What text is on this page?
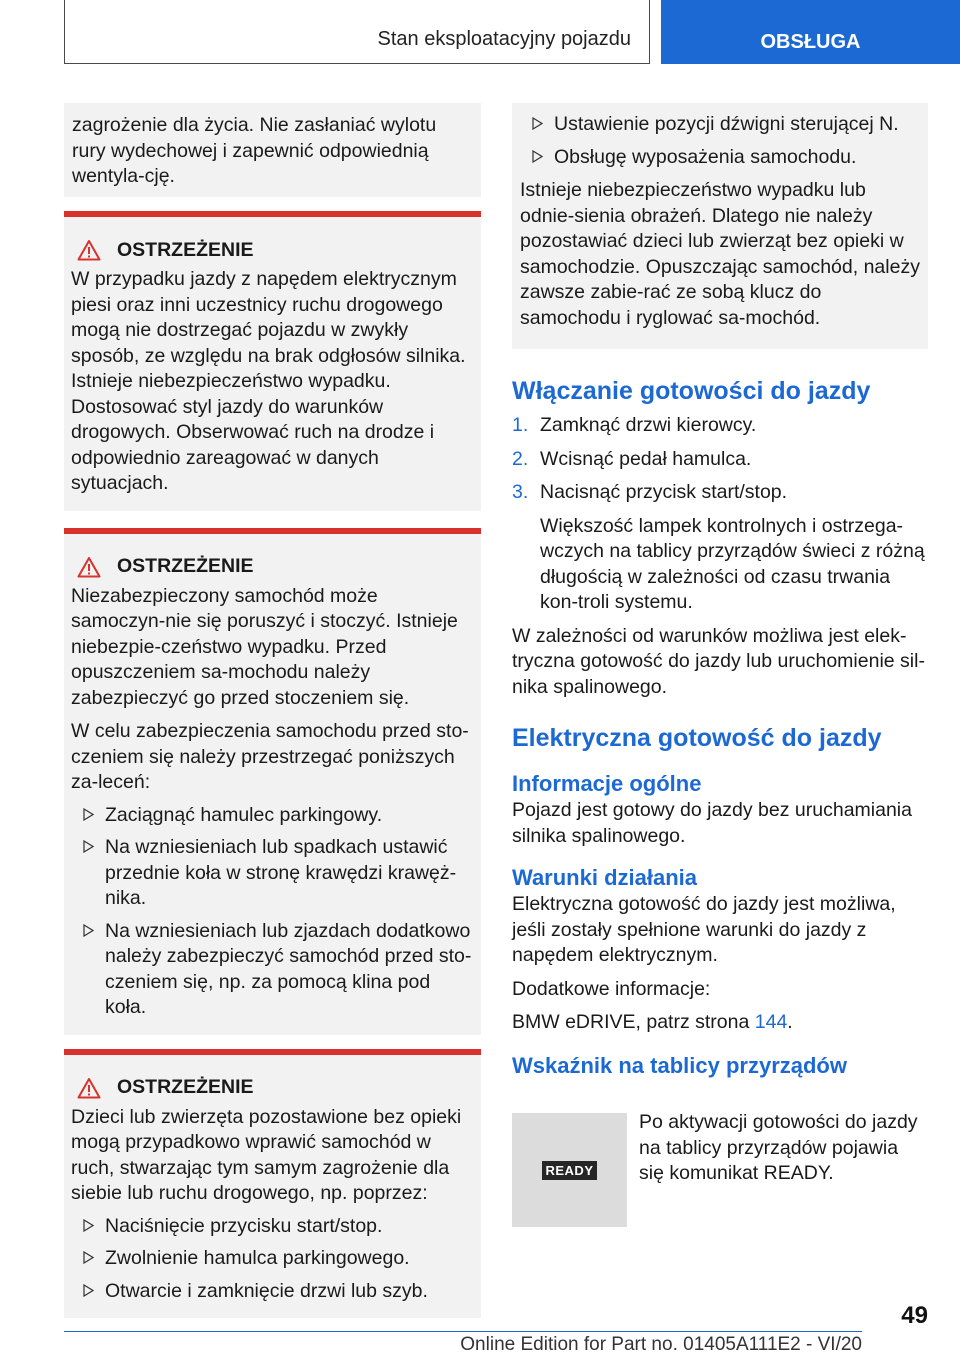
Stan eksploatacyjny pojazdu	OBSŁUGA

zagrożenie dla życia. Nie zasłaniać wylotu rury wydechowej i zapewnić odpowiednią wentyla-cję.

OSTRZEŻENIE

W przypadku jazdy z napędem elektrycznym piesi oraz inni uczestnicy ruchu drogowego mogą nie dostrzegać pojazdu w zwykły sposób, ze względu na brak odgłosów silnika. Istnieje niebezpieczeństwo wypadku. Dostosować styl jazdy do warunków drogowych. Obserwować ruch na drodze i odpowiednio zareagować w danych sytuacjach.

OSTRZEŻENIE

Niezabezpieczony samochód może samoczyn-nie się poruszyć i stoczyć. Istnieje niebezpie-czeństwo wypadku. Przed opuszczeniem sa-mochodu należy zabezpieczyć go przed stoczeniem się.

W celu zabezpieczenia samochodu przed sto-czeniem się należy przestrzegać poniższych za-leceń:

Zaciągnąć hamulec parkingowy.
Na wzniesieniach lub spadkach ustawić przednie koła w stronę krawędzi krawęż-nika.
Na wzniesieniach lub zjazdach dodatkowo należy zabezpieczyć samochód przed sto-czeniem się, np. za pomocą klina pod koła.
OSTRZEŻENIE

Dzieci lub zwierzęta pozostawione bez opieki mogą przypadkowo wprawić samochód w ruch, stwarzając tym samym zagrożenie dla siebie lub ruchu drogowego, np. poprzez:

Naciśnięcie przycisku start/stop.
Zwolnienie hamulca parkingowego.
Otwarcie i zamknięcie drzwi lub szyb.
Ustawienie pozycji dźwigni sterującej N.
Obsługę wyposażenia samochodu.

Istnieje niebezpieczeństwo wypadku lub odnie-sienia obrażeń. Dlatego nie należy pozostawiać dzieci lub zwierząt bez opieki w samochodzie. Opuszczając samochód, należy zawsze zabie-rać ze sobą klucz do samochodu i ryglować sa-mochód.

Włączanie gotowości do jazdy
1. Zamknąć drzwi kierowcy.
2. Wcisnąć pedał hamulca.
3. Nacisnąć przycisk start/stop.

Większość lampek kontrolnych i ostrzega-wczych na tablicy przyrządów świeci z różną długością w zależności od czasu trwania kon-troli systemu.

W zależności od warunków możliwa jest elek-tryczna gotowość do jazdy lub uruchomienie sil-nika spalinowego.

Elektryczna gotowość do jazdy
Informacje ogólne

Pojazd jest gotowy do jazdy bez uruchamiania silnika spalinowego.

Warunki działania

Elektryczna gotowość do jazdy jest możliwa, jeśli zostały spełnione warunki do jazdy z napędem elektrycznym.

Dodatkowe informacje:

BMW eDRIVE, patrz strona 144.

Wskaźnik na tablicy przyrządów
READY

Po aktywacji gotowości do jazdy na tablicy przyrządów pojawia się komunikat READY.

49
Online Edition for Part no. 01405A111E2 - VI/20
